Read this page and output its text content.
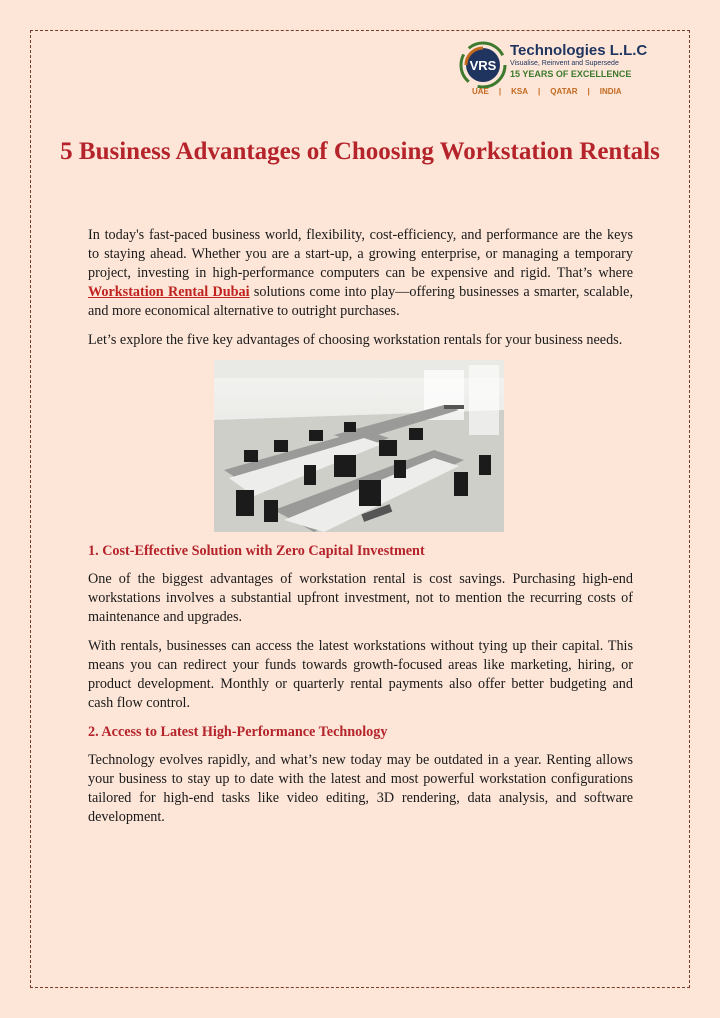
VRS
Technologies L.L.C
Visualise, Reinvent and Supersede
15 YEARS OF EXCELLENCE
UAE | KSA | QATAR | INDIA
5 Business Advantages of Choosing Workstation Rentals

In today's fast-paced business world, flexibility, cost-efficiency, and performance are the keys to staying ahead. Whether you are a start-up, a growing enterprise, or managing a temporary project, investing in high-performance computers can be expensive and rigid. That’s where Workstation Rental Dubai solutions come into play—offering businesses a smarter, scalable, and more economical alternative to outright purchases.

Let’s explore the five key advantages of choosing workstation rentals for your business needs.

1. Cost-Effective Solution with Zero Capital Investment

One of the biggest advantages of workstation rental is cost savings. Purchasing high-end workstations involves a substantial upfront investment, not to mention the recurring costs of maintenance and upgrades.

With rentals, businesses can access the latest workstations without tying up their capital. This means you can redirect your funds towards growth-focused areas like marketing, hiring, or product development. Monthly or quarterly rental payments also offer better budgeting and cash flow control.

2. Access to Latest High-Performance Technology

Technology evolves rapidly, and what’s new today may be outdated in a year. Renting allows your business to stay up to date with the latest and most powerful workstation configurations tailored for high-end tasks like video editing, 3D rendering, data analysis, and software development.
